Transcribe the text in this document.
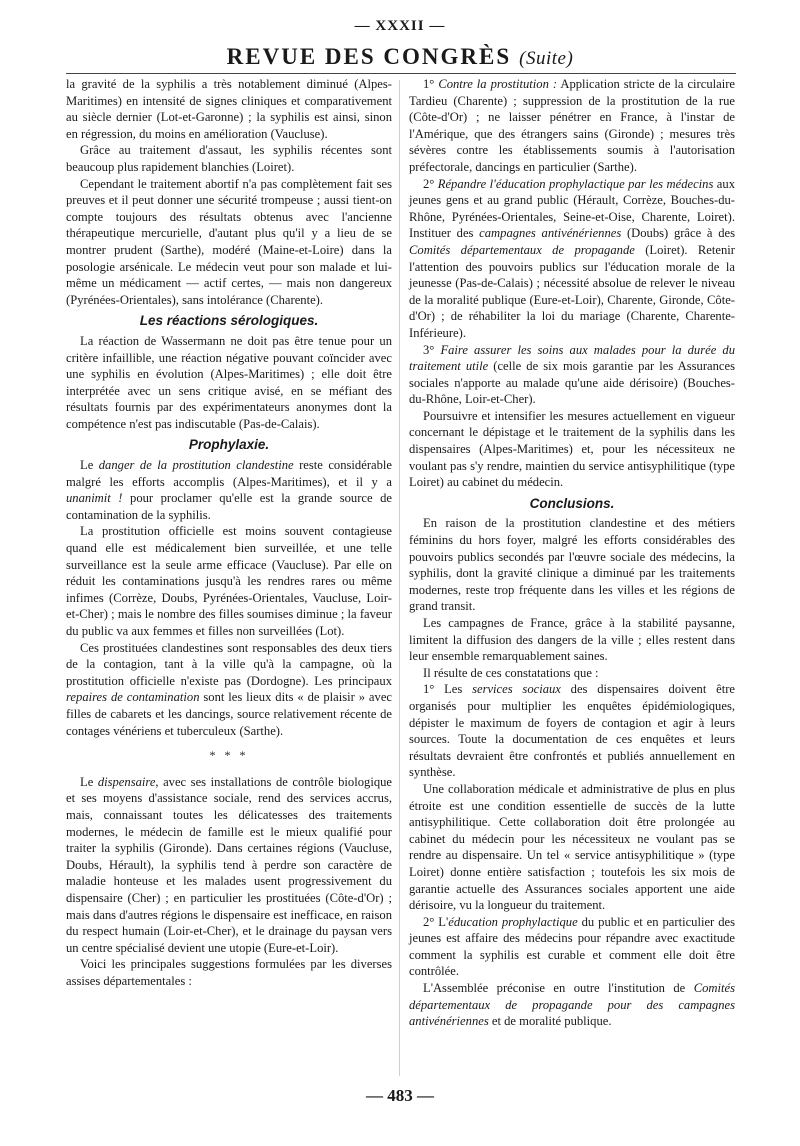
— XXXII —
REVUE DES CONGRÈS (Suite)

la gravité de la syphilis a très notablement diminué (Alpes-Maritimes) en intensité de signes cliniques et comparativement au siècle dernier (Lot-et-Garonne) ; la syphilis est ainsi, sinon en régression, du moins en amélioration (Vaucluse).

Grâce au traitement d'assaut, les syphilis récentes sont beaucoup plus rapidement blanchies (Loiret).

Cependant le traitement abortif n'a pas complètement fait ses preuves et il peut donner une sécurité trompeuse ; aussi tient-on compte toujours des résultats obtenus avec l'ancienne thérapeutique mercurielle, d'autant plus qu'il y a lieu de se montrer prudent (Sarthe), modéré (Maine-et-Loire) dans la posologie arsénicale. Le médecin veut pour son malade et lui-même un médicament — actif certes, — mais non dangereux (Pyrénées-Orientales), sans intolérance (Charente).

Les réactions sérologiques.

La réaction de Wassermann ne doit pas être tenue pour un critère infaillible, une réaction négative pouvant coïncider avec une syphilis en évolution (Alpes-Maritimes) ; elle doit être interprétée avec un sens critique avisé, en se méfiant des résultats fournis par des expérimentateurs anonymes dont la compétence n'est pas indiscutable (Pas-de-Calais).

Prophylaxie.

Le danger de la prostitution clandestine reste considérable malgré les efforts accomplis (Alpes-Maritimes), et il y a unanimit ! pour proclamer qu'elle est la grande source de contamination de la syphilis.

La prostitution officielle est moins souvent contagieuse quand elle est médicalement bien surveillée, et une telle surveillance est la seule arme efficace (Vaucluse). Par elle on réduit les contaminations jusqu'à les rendres rares ou même infimes (Corrèze, Doubs, Pyrénées-Orientales, Vaucluse, Loir-et-Cher) ; mais le nombre des filles soumises diminue ; la faveur du public va aux femmes et filles non surveillées (Lot).

Ces prostituées clandestines sont responsables des deux tiers de la contagion, tant à la ville qu'à la campagne, où la prostitution officielle n'existe pas (Dordogne). Les principaux repaires de contamination sont les lieux dits « de plaisir » avec filles de cabarets et les dancings, source relativement récente de contages vénériens et tuberculeux (Sarthe).

* * *

Le dispensaire, avec ses installations de contrôle biologique et ses moyens d'assistance sociale, rend des services accrus, mais, connaissant toutes les délicatesses des traitements modernes, le médecin de famille est le mieux qualifié pour traiter la syphilis (Gironde). Dans certaines régions (Vaucluse, Doubs, Hérault), la syphilis tend à perdre son caractère de maladie honteuse et les malades usent progressivement du dispensaire (Cher) ; en particulier les prostituées (Côte-d'Or) ; mais dans d'autres régions le dispensaire est inefficace, en raison du respect humain (Loir-et-Cher), et le drainage du paysan vers un centre spécialisé devient une utopie (Eure-et-Loir).

Voici les principales suggestions formulées par les diverses assises départementales :

1° Contre la prostitution : Application stricte de la circulaire Tardieu (Charente) ; suppression de la prostitution de la rue (Côte-d'Or) ; ne laisser pénétrer en France, à l'instar de l'Amérique, que des étrangers sains (Gironde) ; mesures très sévères contre les établissements soumis à l'autorisation préfectorale, dancings en particulier (Sarthe).

2° Répandre l'éducation prophylactique par les médecins aux jeunes gens et au grand public (Hérault, Corrèze, Bouches-du-Rhône, Pyrénées-Orientales, Seine-et-Oise, Charente, Loiret). Instituer des campagnes antivénériennes (Doubs) grâce à des Comités départementaux de propagande (Loiret). Retenir l'attention des pouvoirs publics sur l'éducation morale de la jeunesse (Pas-de-Calais) ; nécessité absolue de relever le niveau de la moralité publique (Eure-et-Loir), Charente, Gironde, Côte-d'Or) ; de réhabiliter la loi du mariage (Charente, Charente-Inférieure).

3° Faire assurer les soins aux malades pour la durée du traitement utile (celle de six mois garantie par les Assurances sociales n'apporte au malade qu'une aide dérisoire) (Bouches-du-Rhône, Loir-et-Cher).

Poursuivre et intensifier les mesures actuellement en vigueur concernant le dépistage et le traitement de la syphilis dans les dispensaires (Alpes-Maritimes) et, pour les nécessiteux ne voulant pas s'y rendre, maintien du service antisyphilitique (type Loiret) au cabinet du médecin.

Conclusions.

En raison de la prostitution clandestine et des métiers féminins du hors foyer, malgré les efforts considérables des pouvoirs publics secondés par l'œuvre sociale des médecins, la syphilis, dont la gravité clinique a diminué par les traitements modernes, reste trop fréquente dans les villes et les régions de grand transit.

Les campagnes de France, grâce à la stabilité paysanne, limitent la diffusion des dangers de la ville ; elles restent dans leur ensemble remarquablement saines.

Il résulte de ces constatations que :

1° Les services sociaux des dispensaires doivent être organisés pour multiplier les enquêtes épidémiologiques, dépister le maximum de foyers de contagion et agir à leurs sources. Toute la documentation de ces enquêtes et leurs résultats devraient être confrontés et publiés annuellement en synthèse.

Une collaboration médicale et administrative de plus en plus étroite est une condition essentielle de succès de la lutte antisyphilitique. Cette collaboration doit être prolongée au cabinet du médecin pour les nécessiteux ne voulant pas se rendre au dispensaire. Un tel « service antisyphilitique » (type Loiret) donne entière satisfaction ; toutefois les six mois de garantie actuelle des Assurances sociales apportent une aide dérisoire, vu la longueur du traitement.

2° L'éducation prophylactique du public et en particulier des jeunes est affaire des médecins pour répandre avec exactitude comment la syphilis est curable et comment elle doit être contrôlée.

L'Assemblée préconise en outre l'institution de Comités départementaux de propagande pour des campagnes antivénériennes et de moralité publique.

— 483 —
